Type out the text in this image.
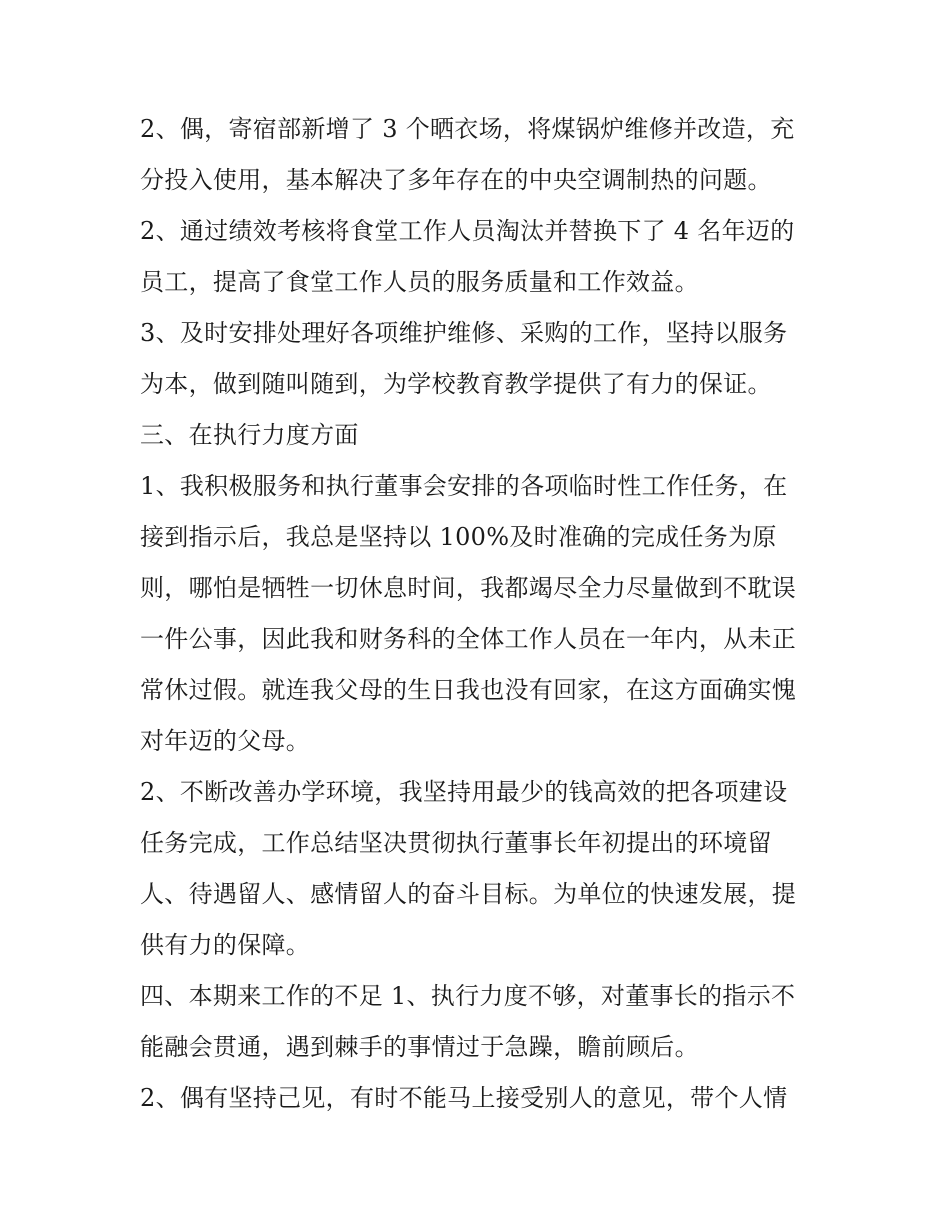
2、偶，寄宿部新增了 3 个晒衣场，将煤锅炉维修并改造，充
分投入使用，基本解决了多年存在的中央空调制热的问题。

2、通过绩效考核将食堂工作人员淘汰并替换下了 4 名年迈的
员工，提高了食堂工作人员的服务质量和工作效益。

3、及时安排处理好各项维护维修、采购的工作，坚持以服务
为本，做到随叫随到，为学校教育教学提供了有力的保证。

三、在执行力度方面

1、我积极服务和执行董事会安排的各项临时性工作任务，在
接到指示后，我总是坚持以 100%及时准确的完成任务为原
则，哪怕是牺牲一切休息时间，我都竭尽全力尽量做到不耽误
一件公事，因此我和财务科的全体工作人员在一年内，从未正
常休过假。就连我父母的生日我也没有回家，在这方面确实愧
对年迈的父母。

2、不断改善办学环境，我坚持用最少的钱高效的把各项建设
任务完成，工作总结坚决贯彻执行董事长年初提出的环境留
人、待遇留人、感情留人的奋斗目标。为单位的快速发展，提
供有力的保障。

四、本期来工作的不足 1、执行力度不够，对董事长的指示不
能融会贯通，遇到棘手的事情过于急躁，瞻前顾后。

2、偶有坚持己见，有时不能马上接受别人的意见，带个人情
